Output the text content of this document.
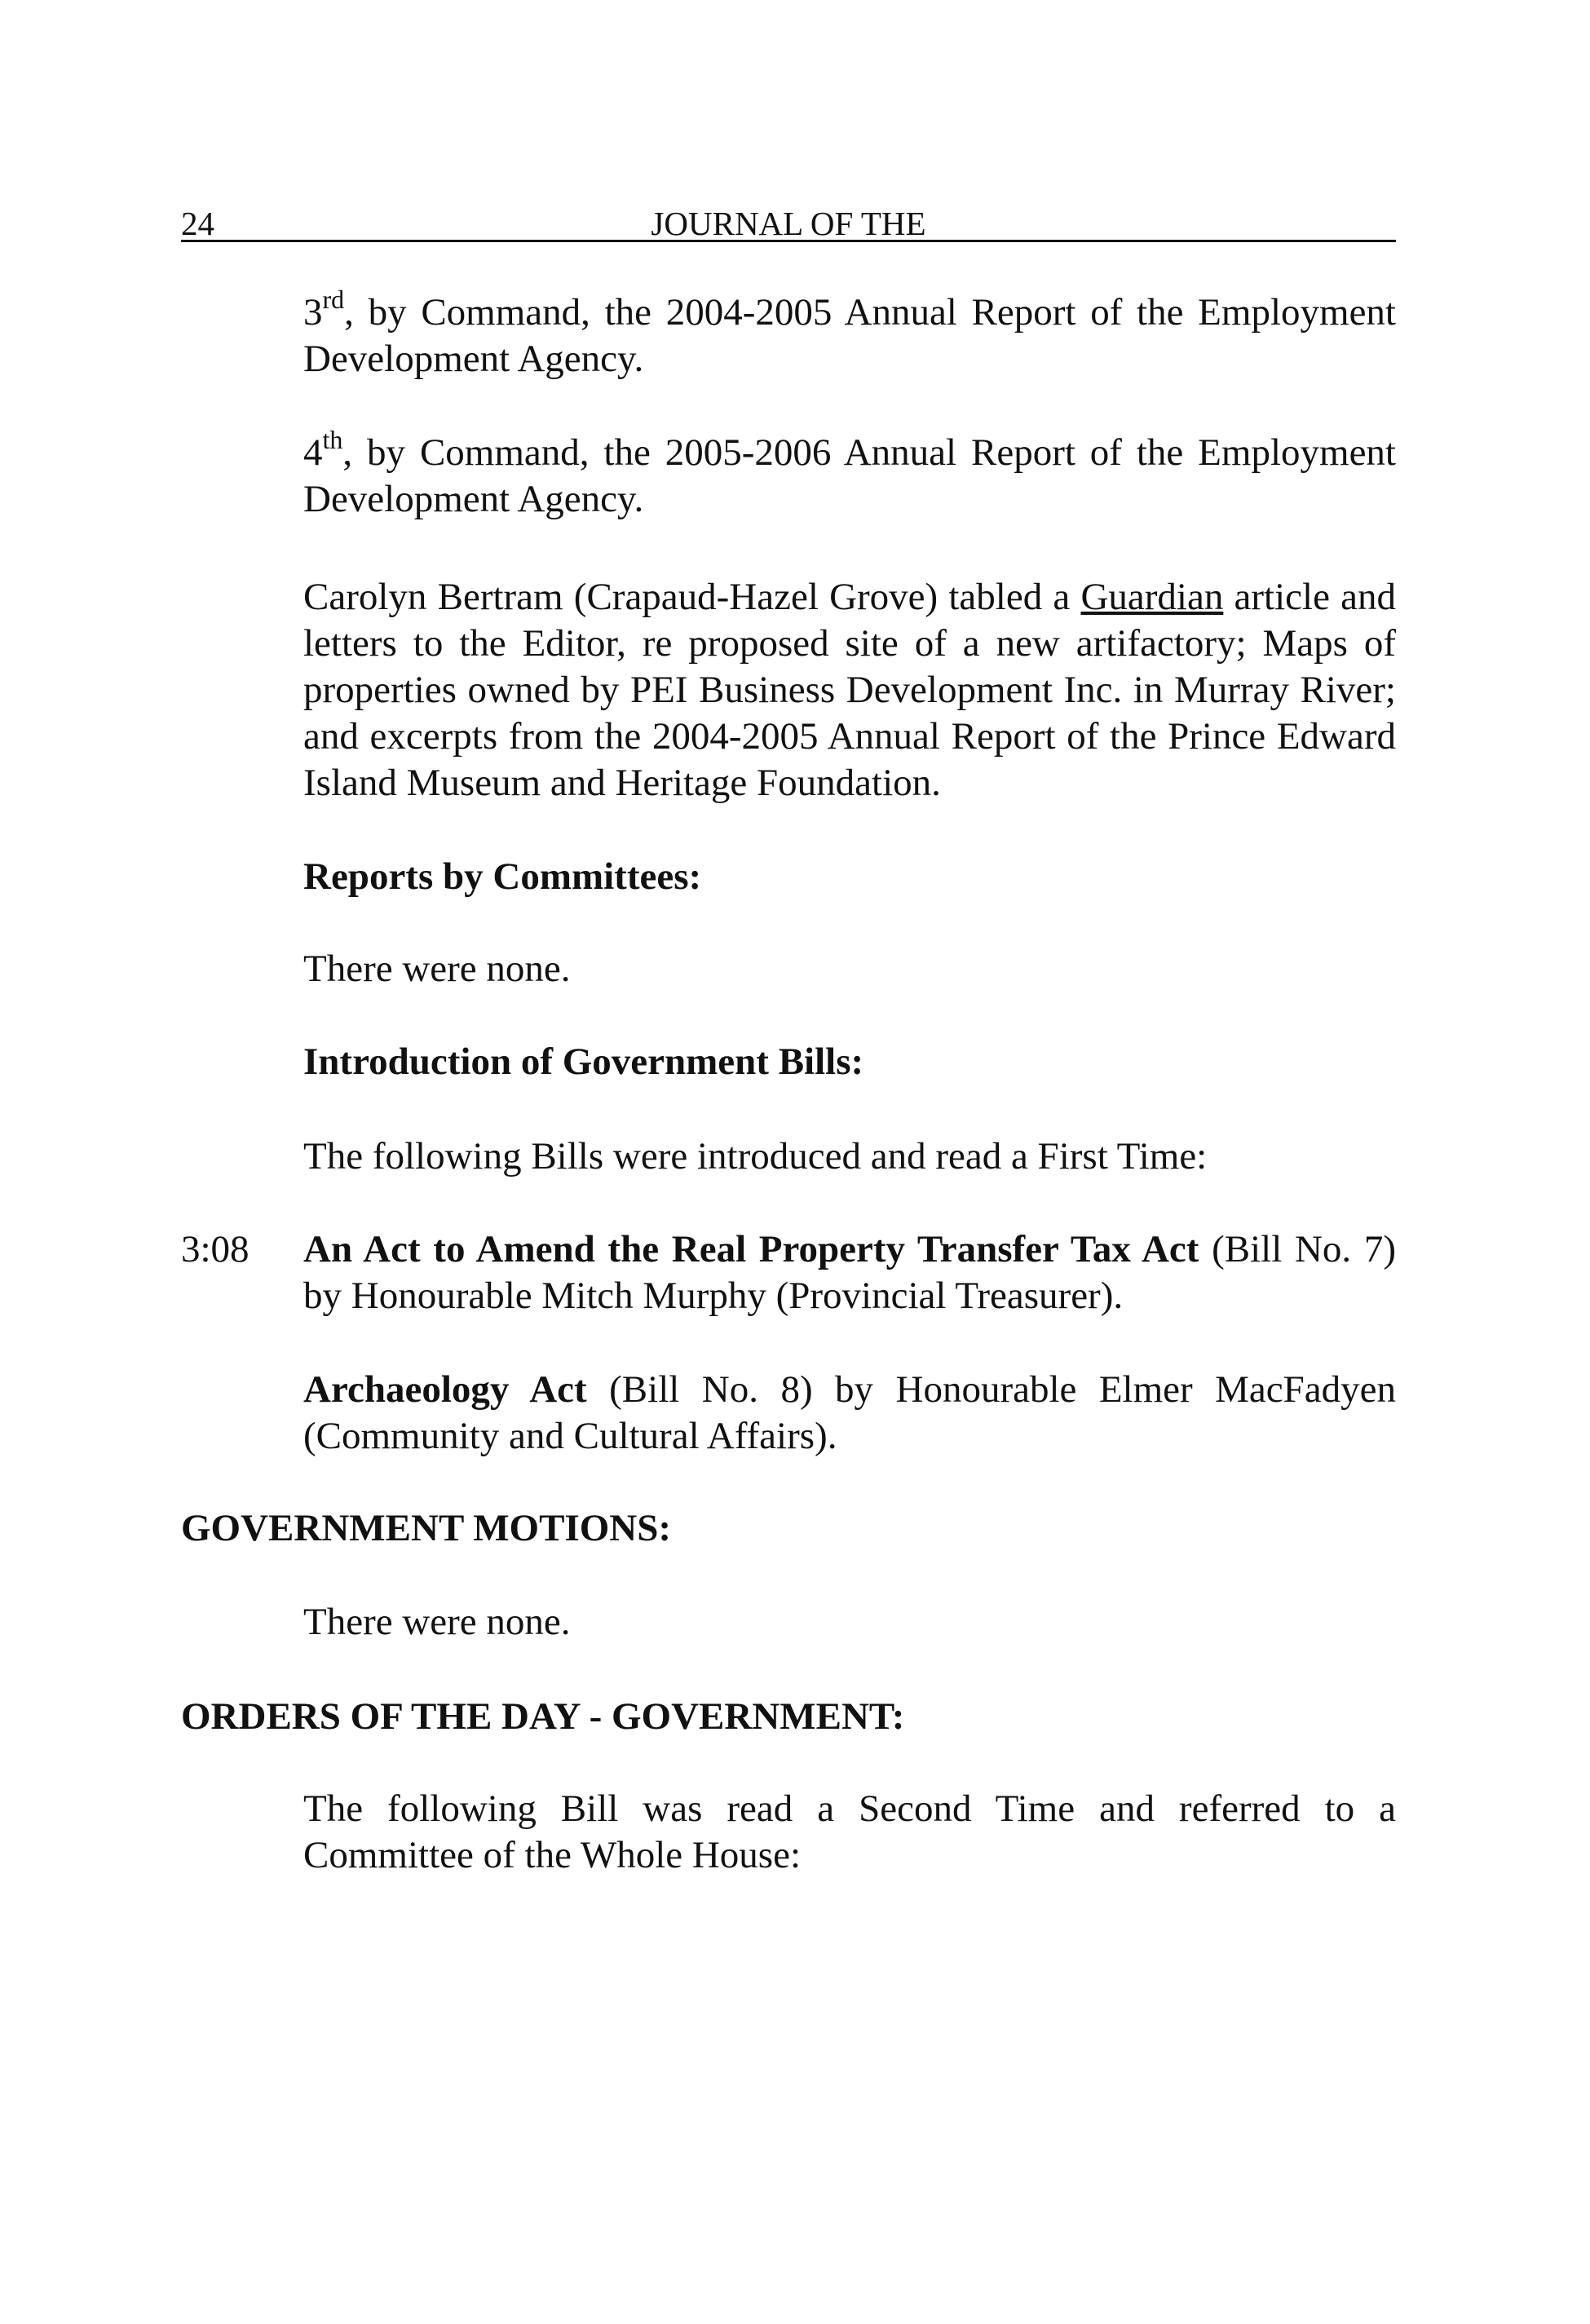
24	JOURNAL OF THE

3rd, by Command, the 2004-2005 Annual Report of the Employment Development Agency.

4th, by Command, the 2005-2006 Annual Report of the Employment Development Agency.

Carolyn Bertram (Crapaud-Hazel Grove) tabled a Guardian article and letters to the Editor, re proposed site of a new artifactory; Maps of properties owned by PEI Business Development Inc. in Murray River; and excerpts from the 2004-2005 Annual Report of the Prince Edward Island Museum and Heritage Foundation.

Reports by Committees:

There were none.

Introduction of Government Bills:

The following Bills were introduced and read a First Time:

3:08 An Act to Amend the Real Property Transfer Tax Act (Bill No. 7) by Honourable Mitch Murphy (Provincial Treasurer).

Archaeology Act (Bill No. 8) by Honourable Elmer MacFadyen (Community and Cultural Affairs).

GOVERNMENT MOTIONS:

There were none.

ORDERS OF THE DAY - GOVERNMENT:

The following Bill was read a Second Time and referred to a Committee of the Whole House:
